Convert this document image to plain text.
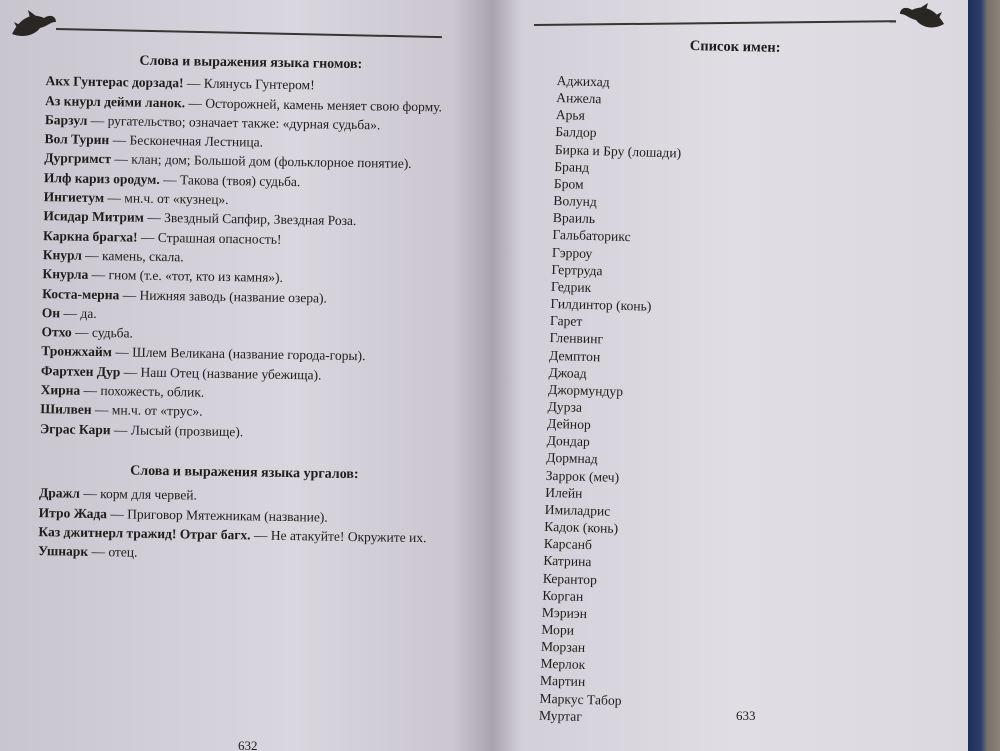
Слова и выражения языка гномов:

Акх Гунтерас дорзада! — Клянусь Гунтером!

Аз кнурл дейми ланок. — Осторожней, камень меняет свою форму.

Барзул — ругательство; означает также: «дурная судьба».

Вол Турин — Бесконечная Лестница.

Дургримст — клан; дом; Большой дом (фольклорное понятие).

Илф кариз ородум. — Такова (твоя) судьба.

Ингиетум — мн.ч. от «кузнец».

Исидар Митрим — Звездный Сапфир, Звездная Роза.

Каркна брагха! — Страшная опасность!

Кнурл — камень, скала.

Кнурла — гном (т.е. «тот, кто из камня»).

Коста-мерна — Нижняя заводь (название озера).

Он — да.

Отхо — судьба.

Тронжхайм — Шлем Великана (название города-горы).

Фартхен Дур — Наш Отец (название убежища).

Хирна — похожесть, облик.

Шилвен — мн.ч. от «трус».

Эграс Кари — Лысый (прозвище).

Слова и выражения языка ургалов:

Дражл — корм для червей.

Итро Жада — Приговор Мятежникам (название).

Каз джитнерл тражид! Отраг багх. — Не атакуйте! Окружите их.

Ушнарк — отец.

632
Список имен:
Аджихад
Анжела
Арья
Балдор
Бирка и Бру (лошади)
Бранд
Бром
Волунд
Враиль
Гальбаторикс
Гэрроу
Гертруда
Гедрик
Гилдинтор (конь)
Гарет
Гленвинг
Демптон
Джоад
Джормундур
Дурза
Дейнор
Дондар
Дормнад
Заррок (меч)
Илейн
Имиладрис
Кадок (конь)
Карсанб
Катрина
Керантор
Корган
Мэриэн
Мори
Морзан
Мерлок
Мартин
Маркус Табор
Муртаг	633
